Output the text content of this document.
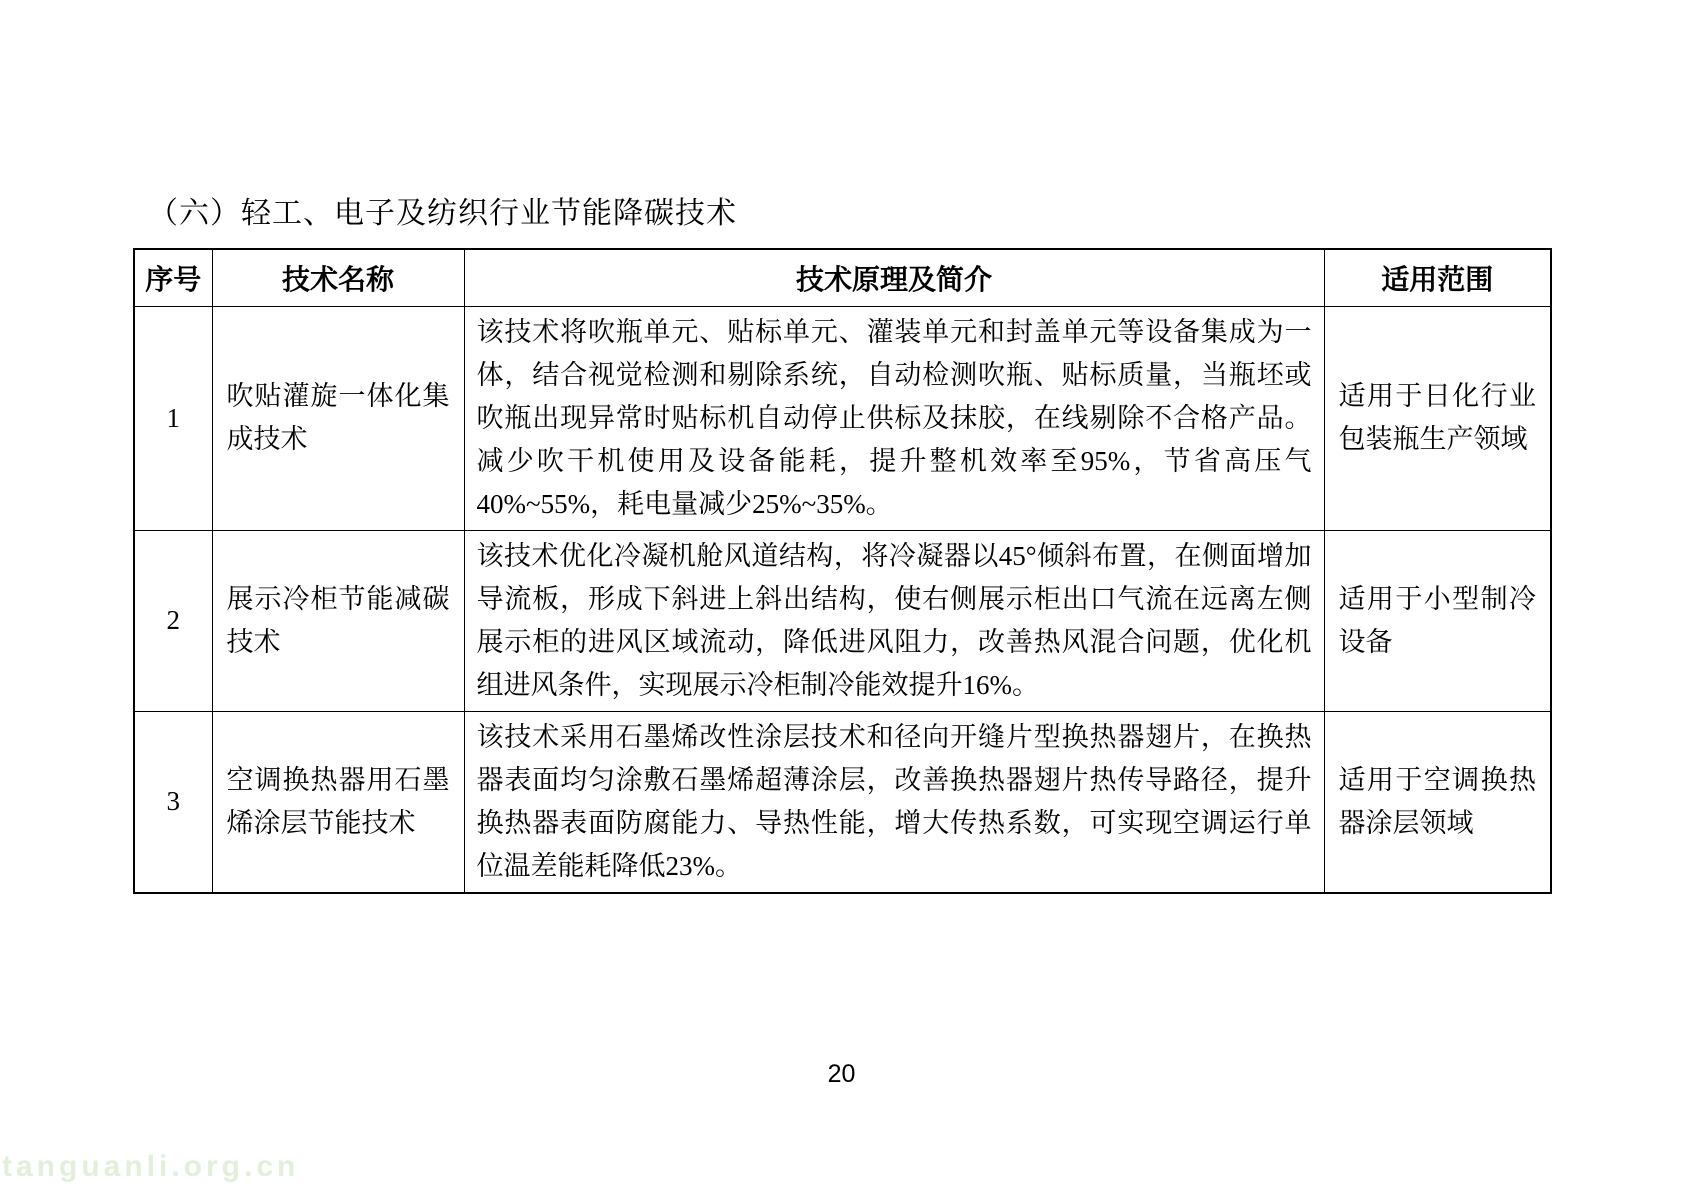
（六）轻工、电子及纺织行业节能降碳技术
序号	技术名称	技术原理及简介	适用范围
1	吹贴灌旋一体化集成技术	该技术将吹瓶单元、贴标单元、灌装单元和封盖单元等设备集成为一体，结合视觉检测和剔除系统，自动检测吹瓶、贴标质量，当瓶坯或吹瓶出现异常时贴标机自动停止供标及抹胶，在线剔除不合格产品。减少吹干机使用及设备能耗，提升整机效率至95%，节省高压气40%~55%，耗电量减少25%~35%。	适用于日化行业包装瓶生产领域
2	展示冷柜节能减碳技术	该技术优化冷凝机舱风道结构，将冷凝器以45°倾斜布置，在侧面增加导流板，形成下斜进上斜出结构，使右侧展示柜出口气流在远离左侧展示柜的进风区域流动，降低进风阻力，改善热风混合问题，优化机组进风条件，实现展示冷柜制冷能效提升16%。	适用于小型制冷设备
3	空调换热器用石墨烯涂层节能技术	该技术采用石墨烯改性涂层技术和径向开缝片型换热器翅片，在换热器表面均匀涂敷石墨烯超薄涂层，改善换热器翅片热传导路径，提升换热器表面防腐能力、导热性能，增大传热系数，可实现空调运行单位温差能耗降低23%。	适用于空调换热器涂层领域
20
tanguanli.org.cn
